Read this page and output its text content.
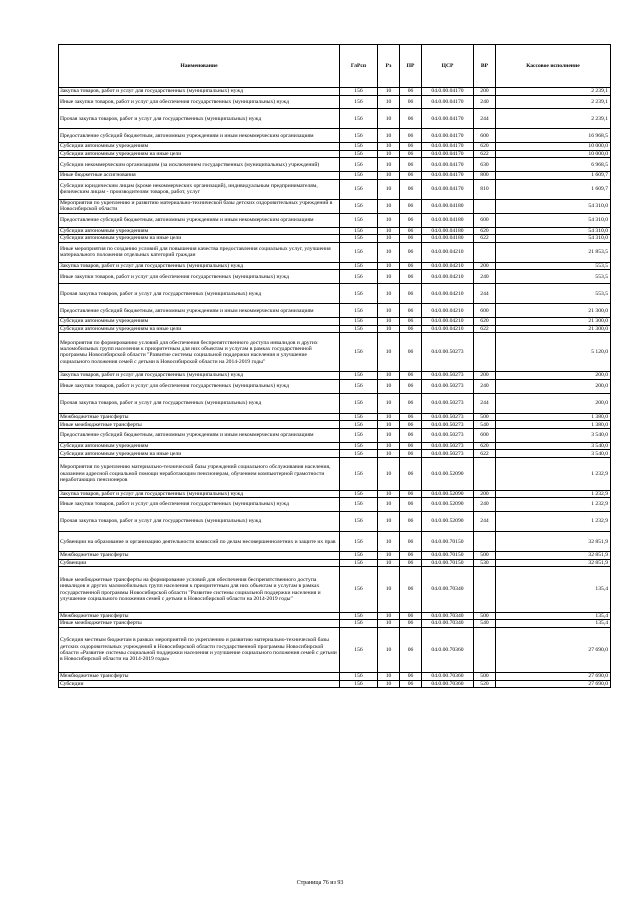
Наименование	ГлРсп	Рз	ПР	ЦСР	ВР	Кассовое исполнение
Закупка товаров, работ и услуг для государственных (муниципальных) нужд	156	10	06	04.0.00.04170	200	2 239,1
Иные закупки товаров, работ и услуг для обеспечения государственных (муниципальных) нужд	156	10	06	04.0.00.04170	240	2 239,1
Прочая закупка товаров, работ и услуг для государственных (муниципальных) нужд	156	10	06	04.0.00.04170	244	2 239,1
Предоставление субсидий бюджетным, автономным учреждениям и иным некоммерческим организациям	156	10	06	04.0.00.04170	600	16 968,5
Субсидии автономным учреждениям	156	10	06	04.0.00.04170	620	10 000,0
Субсидии автономным учреждениям на иные цели	156	10	06	04.0.00.04170	622	10 000,0
Субсидии некоммерческим организациям (за исключением государственных (муниципальных) учреждений)	156	10	06	04.0.00.04170	630	6 968,5
Иные бюджетные ассигнования	156	10	06	04.0.00.04170	800	1 609,7
Субсидии юридическим лицам (кроме некоммерческих организаций), индивидуальным предпринимателям, физическим лицам - производителям товаров, работ, услуг	156	10	06	04.0.00.04170	810	1 609,7
Мероприятия по укреплению и развитию материально-технической базы детских оздоровительных учреждений в Новосибирской области	156	10	06	04.0.00.04180		54 310,0
Предоставление субсидий бюджетным, автономным учреждениям и иным некоммерческим организациям	156	10	06	04.0.00.04180	600	54 310,0
Субсидии автономным учреждениям	156	10	06	04.0.00.04180	620	54 310,0
Субсидии автономным учреждениям на иные цели	156	10	06	04.0.00.04180	622	54 310,0
Иные мероприятия по созданию условий для повышения качества предоставления социальных услуг, улучшения материального положения отдельных категорий граждан	156	10	06	04.0.00.04210		21 853,5
Закупка товаров, работ и услуг для государственных (муниципальных) нужд	156	10	06	04.0.00.04210	200	553,5
Иные закупки товаров, работ и услуг для обеспечения государственных (муниципальных) нужд	156	10	06	04.0.00.04210	240	553,5
Прочая закупка товаров, работ и услуг для государственных (муниципальных) нужд	156	10	06	04.0.00.04210	244	553,5
Предоставление субсидий бюджетным, автономным учреждениям и иным некоммерческим организациям	156	10	06	04.0.00.04210	600	21 300,0
Субсидии автономным учреждениям	156	10	06	04.0.00.04210	620	21 300,0
Субсидии автономным учреждениям на иные цели	156	10	06	04.0.00.04210	622	21 300,0
Мероприятия по формированию условий для обеспечения беспрепятственного доступа инвалидов и других маломобильных групп населения к приоритетным для них объектам и услугам в рамках государственной программы Новосибирской области "Развитие системы социальной поддержки населения и улучшение социального положения семей с детьми в Новосибирской области на 2014-2019 годы"	156	10	06	04.0.00.50273		5 120,0
Закупка товаров, работ и услуг для государственных (муниципальных) нужд	156	10	06	04.0.00.50273	200	200,0
Иные закупки товаров, работ и услуг для обеспечения государственных (муниципальных) нужд	156	10	06	04.0.00.50273	240	200,0
Прочая закупка товаров, работ и услуг для государственных (муниципальных) нужд	156	10	06	04.0.00.50273	244	200,0
Межбюджетные трансферты	156	10	06	04.0.00.50273	500	1 380,0
Иные межбюджетные трансферты	156	10	06	04.0.00.50273	540	1 380,0
Предоставление субсидий бюджетным, автономным учреждениям и иным некоммерческим организациям	156	10	06	04.0.00.50273	600	3 540,0
Субсидии автономным учреждениям	156	10	06	04.0.00.50273	620	3 540,0
Субсидии автономным учреждениям на иные цели	156	10	06	04.0.00.50273	622	3 540,0
Мероприятия по укреплению материально-технической базы учреждений социального обслуживания населения, оказанием адресной социальной помощи неработающим пенсионерам, обучением компьютерной грамотности неработающих пенсионеров	156	10	06	04.0.00.52090		1 232,9
Закупка товаров, работ и услуг для государственных (муниципальных) нужд	156	10	06	04.0.00.52090	200	1 232,9
Иные закупки товаров, работ и услуг для обеспечения государственных (муниципальных) нужд	156	10	06	04.0.00.52090	240	1 232,9
Прочая закупка товаров, работ и услуг для государственных (муниципальных) нужд	156	10	06	04.0.00.52090	244	1 232,9
Субвенции на образование и организацию деятельности комиссий по делам несовершеннолетних и защите их прав	156	10	06	04.0.00.70150		32 851,9
Межбюджетные трансферты	156	10	06	04.0.00.70150	500	32 851,9
Субвенции	156	10	06	04.0.00.70150	530	32 851,9
Иные межбюджетные трансферты на формирование условий для обеспечения беспрепятственного доступа инвалидов и других маломобильных групп населения к приоритетным для них объектам и услугам в рамках государственной программы Новосибирской области "Развитие системы социальной поддержки населения и улучшение социального положения семей с детьми в Новосибирской области на 2014-2019 годы"	156	10	06	04.0.00.70340		135,4
Межбюджетные трансферты	156	10	06	04.0.00.70340	500	135,4
Иные межбюджетные трансферты	156	10	06	04.0.00.70340	540	135,4
Субсидия местным бюджетам в рамках мероприятий по укреплению и развитию материально-технической базы детских оздоровительных учреждений в Новосибирской области государственной программы Новосибирской области «Развитие системы социальной поддержки населения и улучшение социального положения семей с детьми в Новосибирской области на 2014-2019 годы»	156	10	06	04.0.00.70360		27 690,0
Межбюджетные трансферты	156	10	06	04.0.00.70360	500	27 690,0
Субсидии	156	10	06	04.0.00.70360	520	27 690,0
Страница 76 из 93
